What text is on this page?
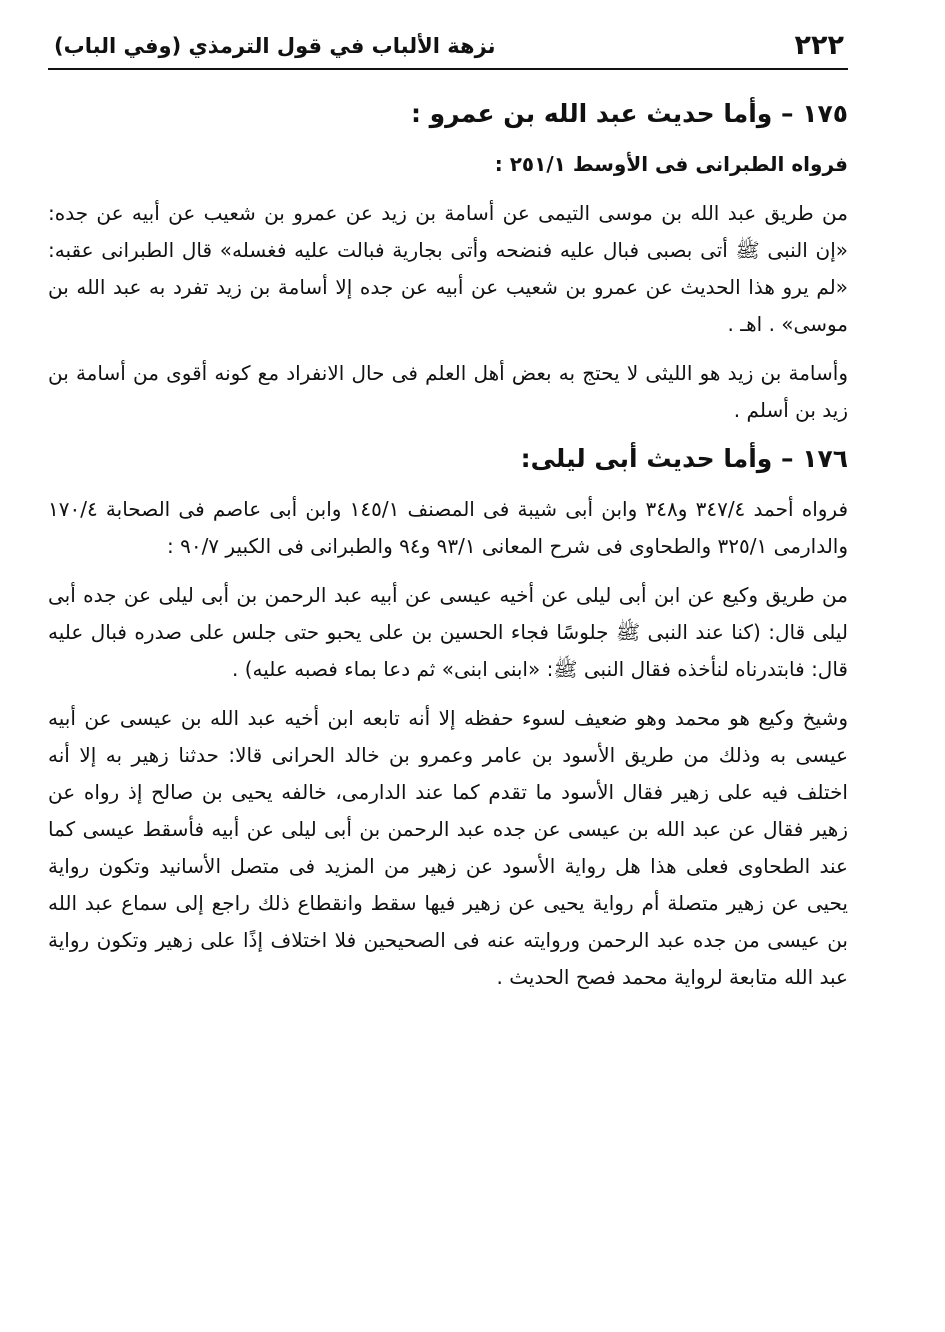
٢٢٢
نزهة الألباب في قول الترمذي (وفي الباب)
١٧٥ – وأما حديث عبد الله بن عمرو :

فرواه الطبرانى فى الأوسط ٢٥١/١ :

من طريق عبد الله بن موسى التيمى عن أسامة بن زيد عن عمرو بن شعيب عن أبيه عن جده: «إن النبى ﷺ أتى بصبى فبال عليه فنضحه وأتى بجارية فبالت عليه فغسله» قال الطبرانى عقبه: «لم يرو هذا الحديث عن عمرو بن شعيب عن أبيه عن جده إلا أسامة بن زيد تفرد به عبد الله بن موسى» . اهـ .

وأسامة بن زيد هو الليثى لا يحتج به بعض أهل العلم فى حال الانفراد مع كونه أقوى من أسامة بن زيد بن أسلم .

١٧٦ – وأما حديث أبى ليلى:

فرواه أحمد ٣٤٧/٤ و٣٤٨ وابن أبى شيبة فى المصنف ١٤٥/١ وابن أبى عاصم فى الصحابة ١٧٠/٤ والدارمى ٣٢٥/١ والطحاوى فى شرح المعانى ٩٣/١ و٩٤ والطبرانى فى الكبير ٩٠/٧ :

من طريق وكيع عن ابن أبى ليلى عن أخيه عيسى عن أبيه عبد الرحمن بن أبى ليلى عن جده أبى ليلى قال: (كنا عند النبى ﷺ جلوسًا فجاء الحسين بن على يحبو حتى جلس على صدره فبال عليه قال: فابتدرناه لنأخذه فقال النبى ﷺ: «ابنى ابنى» ثم دعا بماء فصبه عليه) .

وشيخ وكيع هو محمد وهو ضعيف لسوء حفظه إلا أنه تابعه ابن أخيه عبد الله بن عيسى عن أبيه عيسى به وذلك من طريق الأسود بن عامر وعمرو بن خالد الحرانى قالا: حدثنا زهير به إلا أنه اختلف فيه على زهير فقال الأسود ما تقدم كما عند الدارمى، خالفه يحيى بن صالح إذ رواه عن زهير فقال عن عبد الله بن عيسى عن جده عبد الرحمن بن أبى ليلى عن أبيه فأسقط عيسى كما عند الطحاوى فعلى هذا هل رواية الأسود عن زهير من المزيد فى متصل الأسانيد وتكون رواية يحيى عن زهير متصلة أم رواية يحيى عن زهير فيها سقط وانقطاع ذلك راجع إلى سماع عبد الله بن عيسى من جده عبد الرحمن وروايته عنه فى الصحيحين فلا اختلاف إذًا على زهير وتكون رواية عبد الله متابعة لرواية محمد فصح الحديث .
